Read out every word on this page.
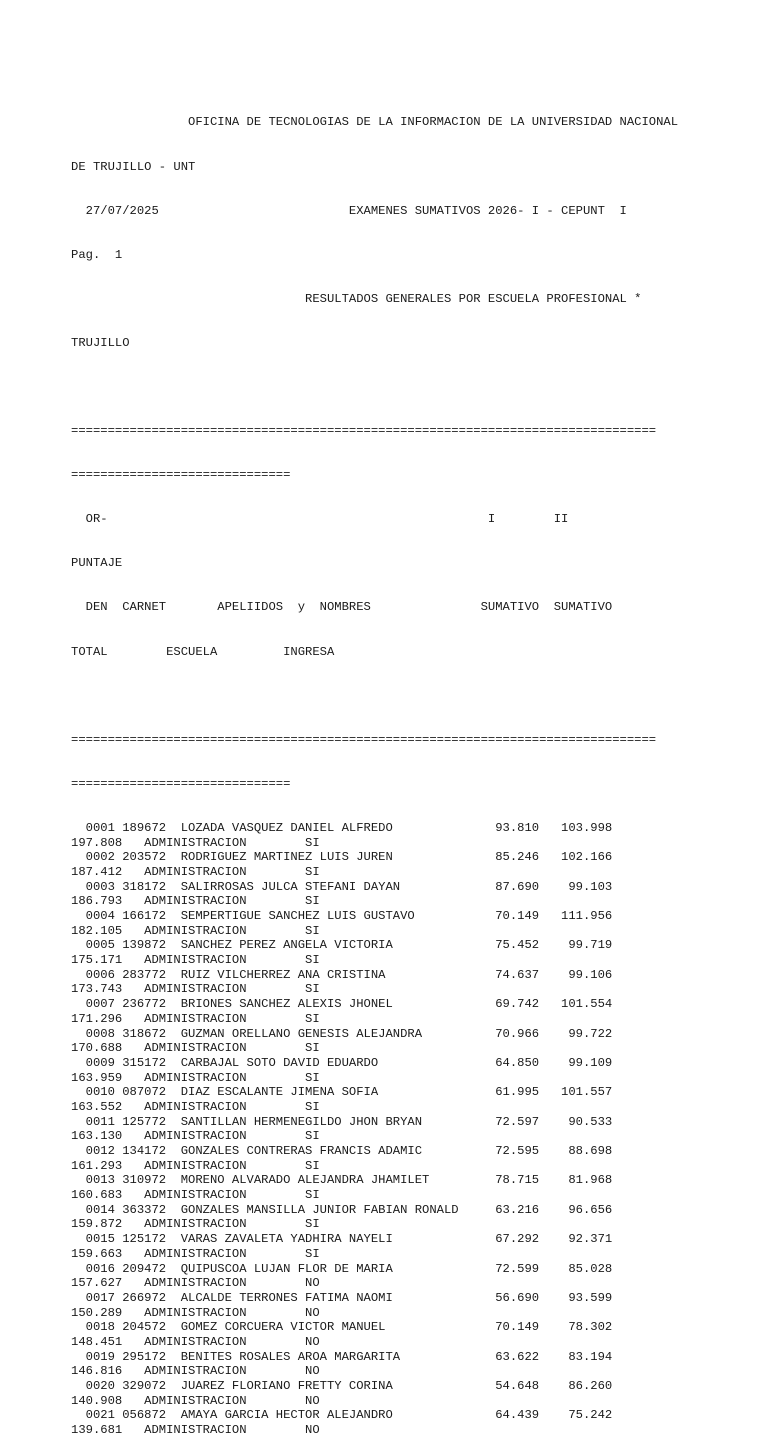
OFICINA DE TECNOLOGIAS DE LA INFORMACION DE LA UNIVERSIDAD NACIONAL

DE TRUJILLO - UNT

27/07/2025                          EXAMENES SUMATIVOS 2026- I - CEPUNT  I

Pag.  1

RESULTADOS GENERALES POR ESCUELA PROFESIONAL *

TRUJILLO

================================================================================

==============================

OR-                                                    I        II

PUNTAJE

DEN  CARNET       APELIIDOS  y  NOMBRES               SUMATIVO  SUMATIVO

TOTAL        ESCUELA         INGRESA

================================================================================

==============================

0001 189672  LOZADA VASQUEZ DANIEL ALFREDO              93.810   103.998
197.808   ADMINISTRACION        SI
0002 203572  RODRIGUEZ MARTINEZ LUIS JUREN              85.246   102.166
187.412   ADMINISTRACION        SI
0003 318172  SALIRROSAS JULCA STEFANI DAYAN             87.690    99.103
186.793   ADMINISTRACION        SI
0004 166172  SEMPERTIGUE SANCHEZ LUIS GUSTAVO           70.149   111.956
182.105   ADMINISTRACION        SI
0005 139872  SANCHEZ PEREZ ANGELA VICTORIA              75.452    99.719
175.171   ADMINISTRACION        SI
0006 283772  RUIZ VILCHERREZ ANA CRISTINA               74.637    99.106
173.743   ADMINISTRACION        SI
0007 236772  BRIONES SANCHEZ ALEXIS JHONEL              69.742   101.554
171.296   ADMINISTRACION        SI
0008 318672  GUZMAN ORELLANO GENESIS ALEJANDRA          70.966    99.722
170.688   ADMINISTRACION        SI
0009 315172  CARBAJAL SOTO DAVID EDUARDO                64.850    99.109
163.959   ADMINISTRACION        SI
0010 087072  DIAZ ESCALANTE JIMENA SOFIA                61.995   101.557
163.552   ADMINISTRACION        SI
0011 125772  SANTILLAN HERMENEGILDO JHON BRYAN          72.597    90.533
163.130   ADMINISTRACION        SI
0012 134172  GONZALES CONTRERAS FRANCIS ADAMIC          72.595    88.698
161.293   ADMINISTRACION        SI
0013 310972  MORENO ALVARADO ALEJANDRA JHAMILET         78.715    81.968
160.683   ADMINISTRACION        SI
0014 363372  GONZALES MANSILLA JUNIOR FABIAN RONALD     63.216    96.656
159.872   ADMINISTRACION        SI
0015 125172  VARAS ZAVALETA YADHIRA NAYELI              67.292    92.371
159.663   ADMINISTRACION        SI
0016 209472  QUIPUSCOA LUJAN FLOR DE MARIA              72.599    85.028
157.627   ADMINISTRACION        NO
0017 266972  ALCALDE TERRONES FATIMA NAOMI              56.690    93.599
150.289   ADMINISTRACION        NO
0018 204572  GOMEZ CORCUERA VICTOR MANUEL               70.149    78.302
148.451   ADMINISTRACION        NO
0019 295172  BENITES ROSALES AROA MARGARITA             63.622    83.194
146.816   ADMINISTRACION        NO
0020 329072  JUAREZ FLORIANO FRETTY CORINA              54.648    86.260
140.908   ADMINISTRACION        NO
0021 056872  AMAYA GARCIA HECTOR ALEJANDRO              64.439    75.242
139.681   ADMINISTRACION        NO
